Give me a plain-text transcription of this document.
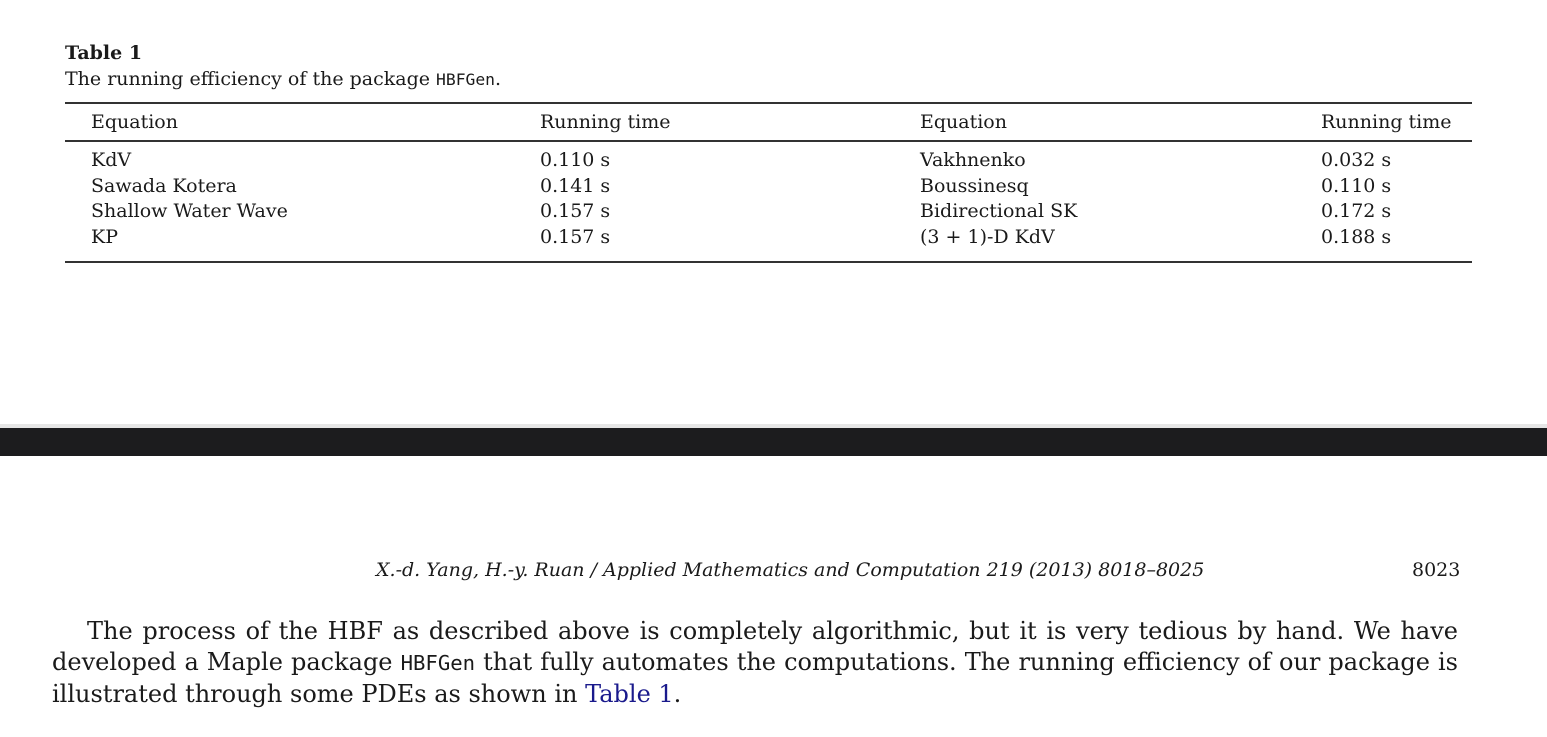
Table 1
The running efficiency of the package HBFGen.
Equation	Running time	Equation	Running time
KdV	0.110 s	Vakhnenko	0.032 s
Sawada Kotera	0.141 s	Boussinesq	0.110 s
Shallow Water Wave	0.157 s	Bidirectional SK	0.172 s
KP	0.157 s	(3 + 1)-D KdV	0.188 s
X.-d. Yang, H.-y. Ruan / Applied Mathematics and Computation 219 (2013) 8018–8025	8023
The process of the HBF as described above is completely algorithmic, but it is very tedious by hand. We have developed a Maple package HBFGen that fully automates the computations. The running efficiency of our package is illustrated through some PDEs as shown in Table 1.
